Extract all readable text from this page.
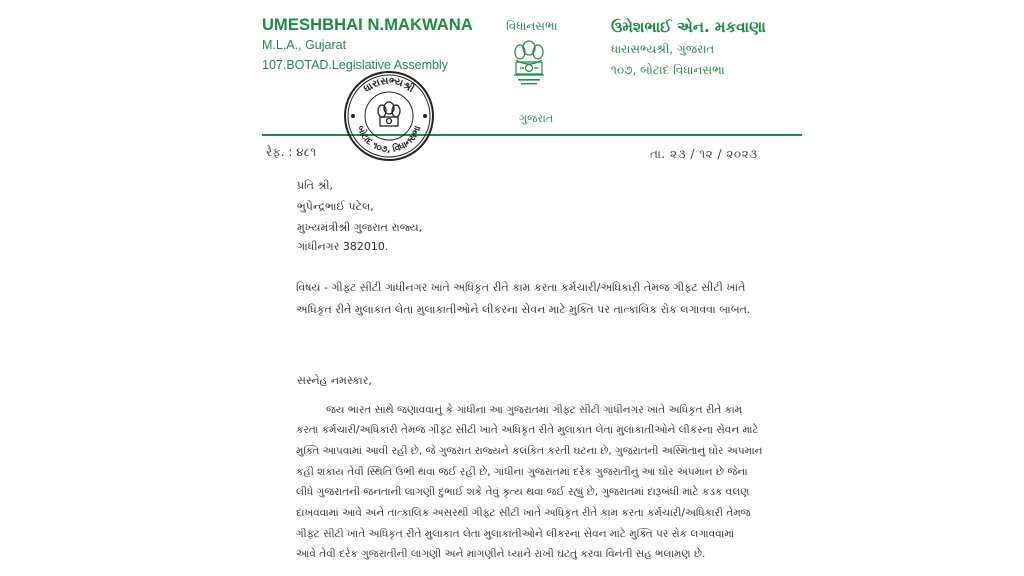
UMESHBHAI N.MAKWANA
M.L.A., Gujarat
107.BOTAD.Legislative Assembly
વિધાનસભા
ગુજરાત
ઉમેશભાઈ એન. મકવાણા
ધારાસભ્યશ્રી, ગુજરાત
૧૦૭, બોટાદ વિધાનસભા
ધારાસભ્યશ્રી
બોટાદ ૧૦૭, વિધાનસભા
રેફ. : ૪૮૧	તા. ૨૩ / ૧૨ / ૨૦૨૩
પ્રતિ શ્રી,
ભુપેન્દ્રભાઈ પટેલ,
મુખ્યમંત્રીશ્રી ગુજરાત રાજ્ય,
ગાંધીનગર 382010.
વિષય - ગીફ્ટ સીટી ગાંધીનગર ખાતે અધિકૃત રીતે કામ કરતા કર્મચારી/અધિકારી તેમજ ગીફ્ટ સીટી ખાતે
અધિકૃત રીતે મુલાકાત લેતા મુલાકાતીઓને લીકરના સેવન માટે મુક્તિ પર તાત્કાલિક રોક લગાવવા બાબત.
સસ્નેહ નમસ્કાર,
જય ભારત સાથે જણાવવાનું કે ગાંધીના આ ગુજરાતમાં ગીફ્ટ સીટી ગાંધીનગર ખાતે અધિકૃત રીતે કામ
કરતા કર્મચારી/અધિકારી તેમજ ગીફ્ટ સીટી ખાતે અધિકૃત રીતે મુલાકાત લેતા મુલાકાતીઓને લીકરના સેવન માટે
મુક્તિ આપવામાં આવી રહી છે, જે ગુજરાત રાજ્યને કલંકિત કરતી ઘટના છે, ગુજરાતની અસ્મિતાનું ઘોર અપમાન
કહી શકાય તેવી સ્થિતિ ઉભી થવા જઈ રહી છે, ગાંધીના ગુજરાતમાં દરેક ગુજરાતીનું આ ઘોર અપમાન છે જેના
લીધે ગુજરાતની જનતાની લાગણી દુભાઈ શકે તેવું કૃત્ય થવા જઈ રહ્યું છે, ગુજરાતમાં દારૂબંધી માટે કડક વલણ
દાખવવામાં આવે અને તાત્કાલિક અસરથી ગીફ્ટ સીટી ખાતે અધિકૃત રીતે કામ કરતા કર્મચારી/અધિકારી તેમજ
ગીફ્ટ સીટી ખાતે અધિકૃત રીતે મુલાકાત લેતા મુલાકાતીઓને લીકરના સેવન માટે મુક્તિ પર રોક લગાવવામાં
આવે તેવી દરેક ગુજરાતીની લાગણી અને માંગણીને ધ્યાને રાખી ઘટતું કરવા વિનંતી સહ ભલામણ છે.
